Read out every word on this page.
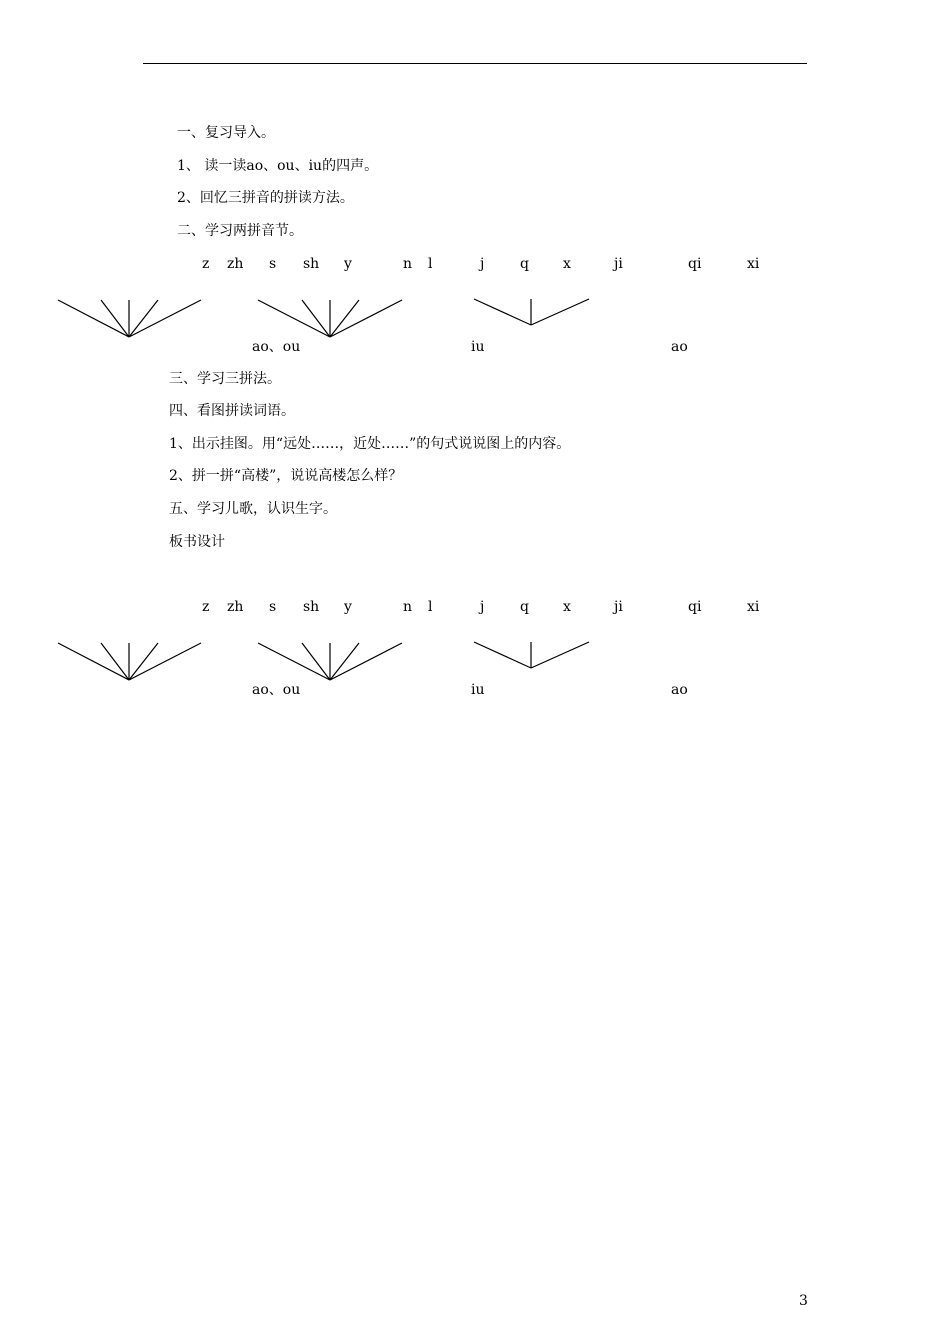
一、复习导入。
1、 读一读ao、ou、iu的四声。
2、回忆三拼音的拼读方法。
二、学习两拼音节。
z zh s sh y	n l	j	q x	ji	qi	xi
ao、ou	iu	ao
三、学习三拼法。
四、看图拼读词语。
1、出示挂图。用“远处……，近处……”的句式说说图上的内容。
2、拼一拼“高楼”，说说高楼怎么样？
五、学习儿歌，认识生字。
板书设计
z zh s sh y	n l	j	q x	ji	qi	xi
ao、ou	iu	ao
3
